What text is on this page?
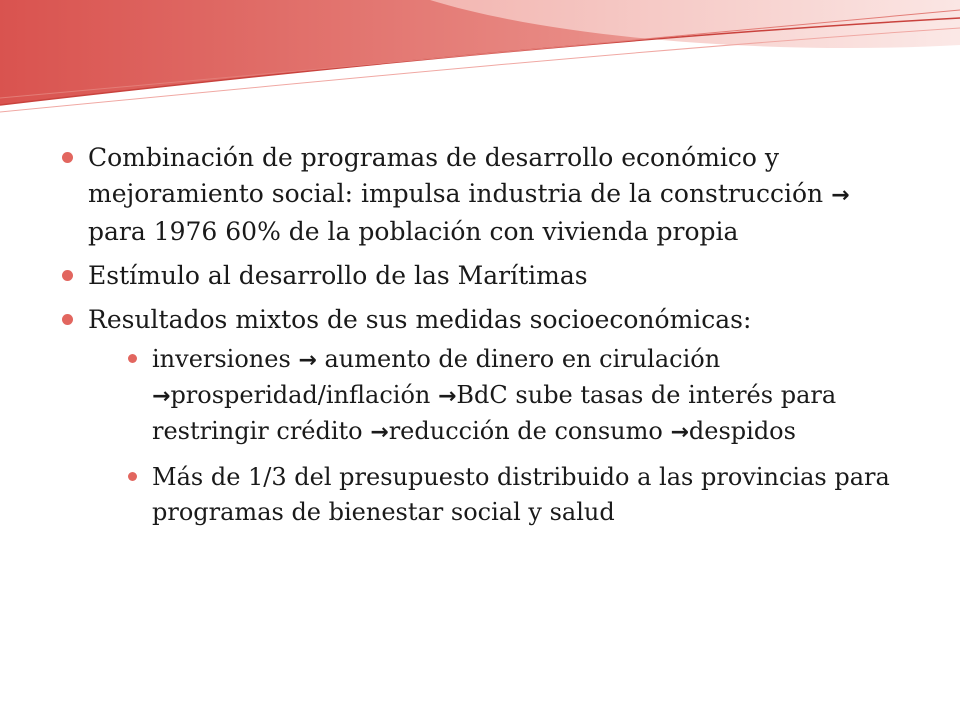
Combinación de programas de desarrollo económico y mejoramiento social: impulsa industria de la construcción → para 1976 60% de la población con vivienda propia
Estímulo al desarrollo de las Marítimas
Resultados mixtos de sus medidas socioeconómicas:
inversiones → aumento de dinero en cirulación →prosperidad/inflación →BdC sube tasas de interés para restringir crédito →reducción de consumo →despidos
Más de 1/3 del presupuesto distribuido a las provincias para programas de bienestar social y salud
